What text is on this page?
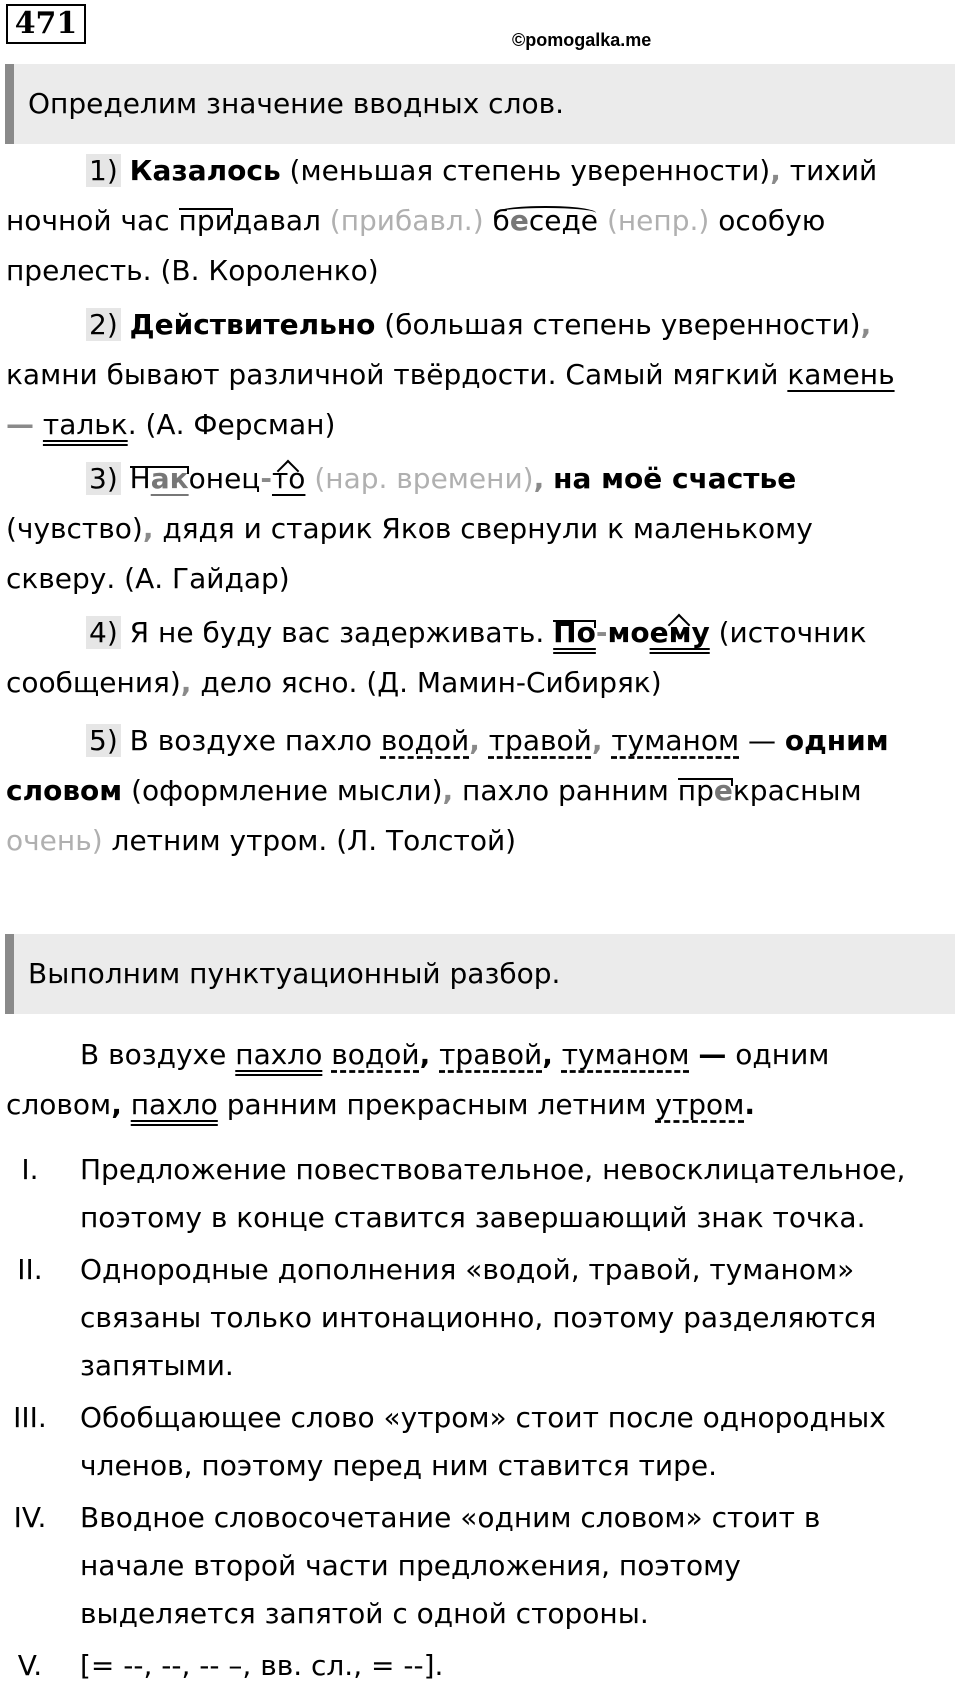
471	©pomogalka.me
Определим значение вводных слов.
1) Казалось (меньшая степень уверенности), тихий
ночной час придавал (прибавл.) беседе (непр.) особую
прелесть. (В. Короленко)
2) Действительно (большая степень уверенности),
камни бывают различной твёрдости. Самый мягкий камень
— тальк. (А. Ферсман)
3) Наконец-то (нар. времени), на моё счастье
(чувство), дядя и старик Яков свернули к маленькому
скверу. (А. Гайдар)
4) Я не буду вас задерживать. По-моему (источник
сообщения), дело ясно. (Д. Мамин-Сибиряк)
5) В воздухе пахло водой, травой, туманом — одним
словом (оформление мысли), пахло ранним прекрасным
очень) летним утром. (Л. Толстой)
Выполним пунктуационный разбор.
В воздухе пахло водой, травой, туманом — одним
словом, пахло ранним прекрасным летним утром.
I.	Предложение повествовательное, невосклицательное,
поэтому в конце ставится завершающий знак точка.
II.	Однородные дополнения «водой, травой, туманом»
связаны только интонационно, поэтому разделяются
запятыми.
III.	Обобщающее слово «утром» стоит после однородных
членов, поэтому перед ним ставится тире.
IV.	Вводное словосочетание «одним словом» стоит в
начале второй части предложения, поэтому
выделяется запятой с одной стороны.
V.	[= --, --, -- –, вв. сл., = --].
